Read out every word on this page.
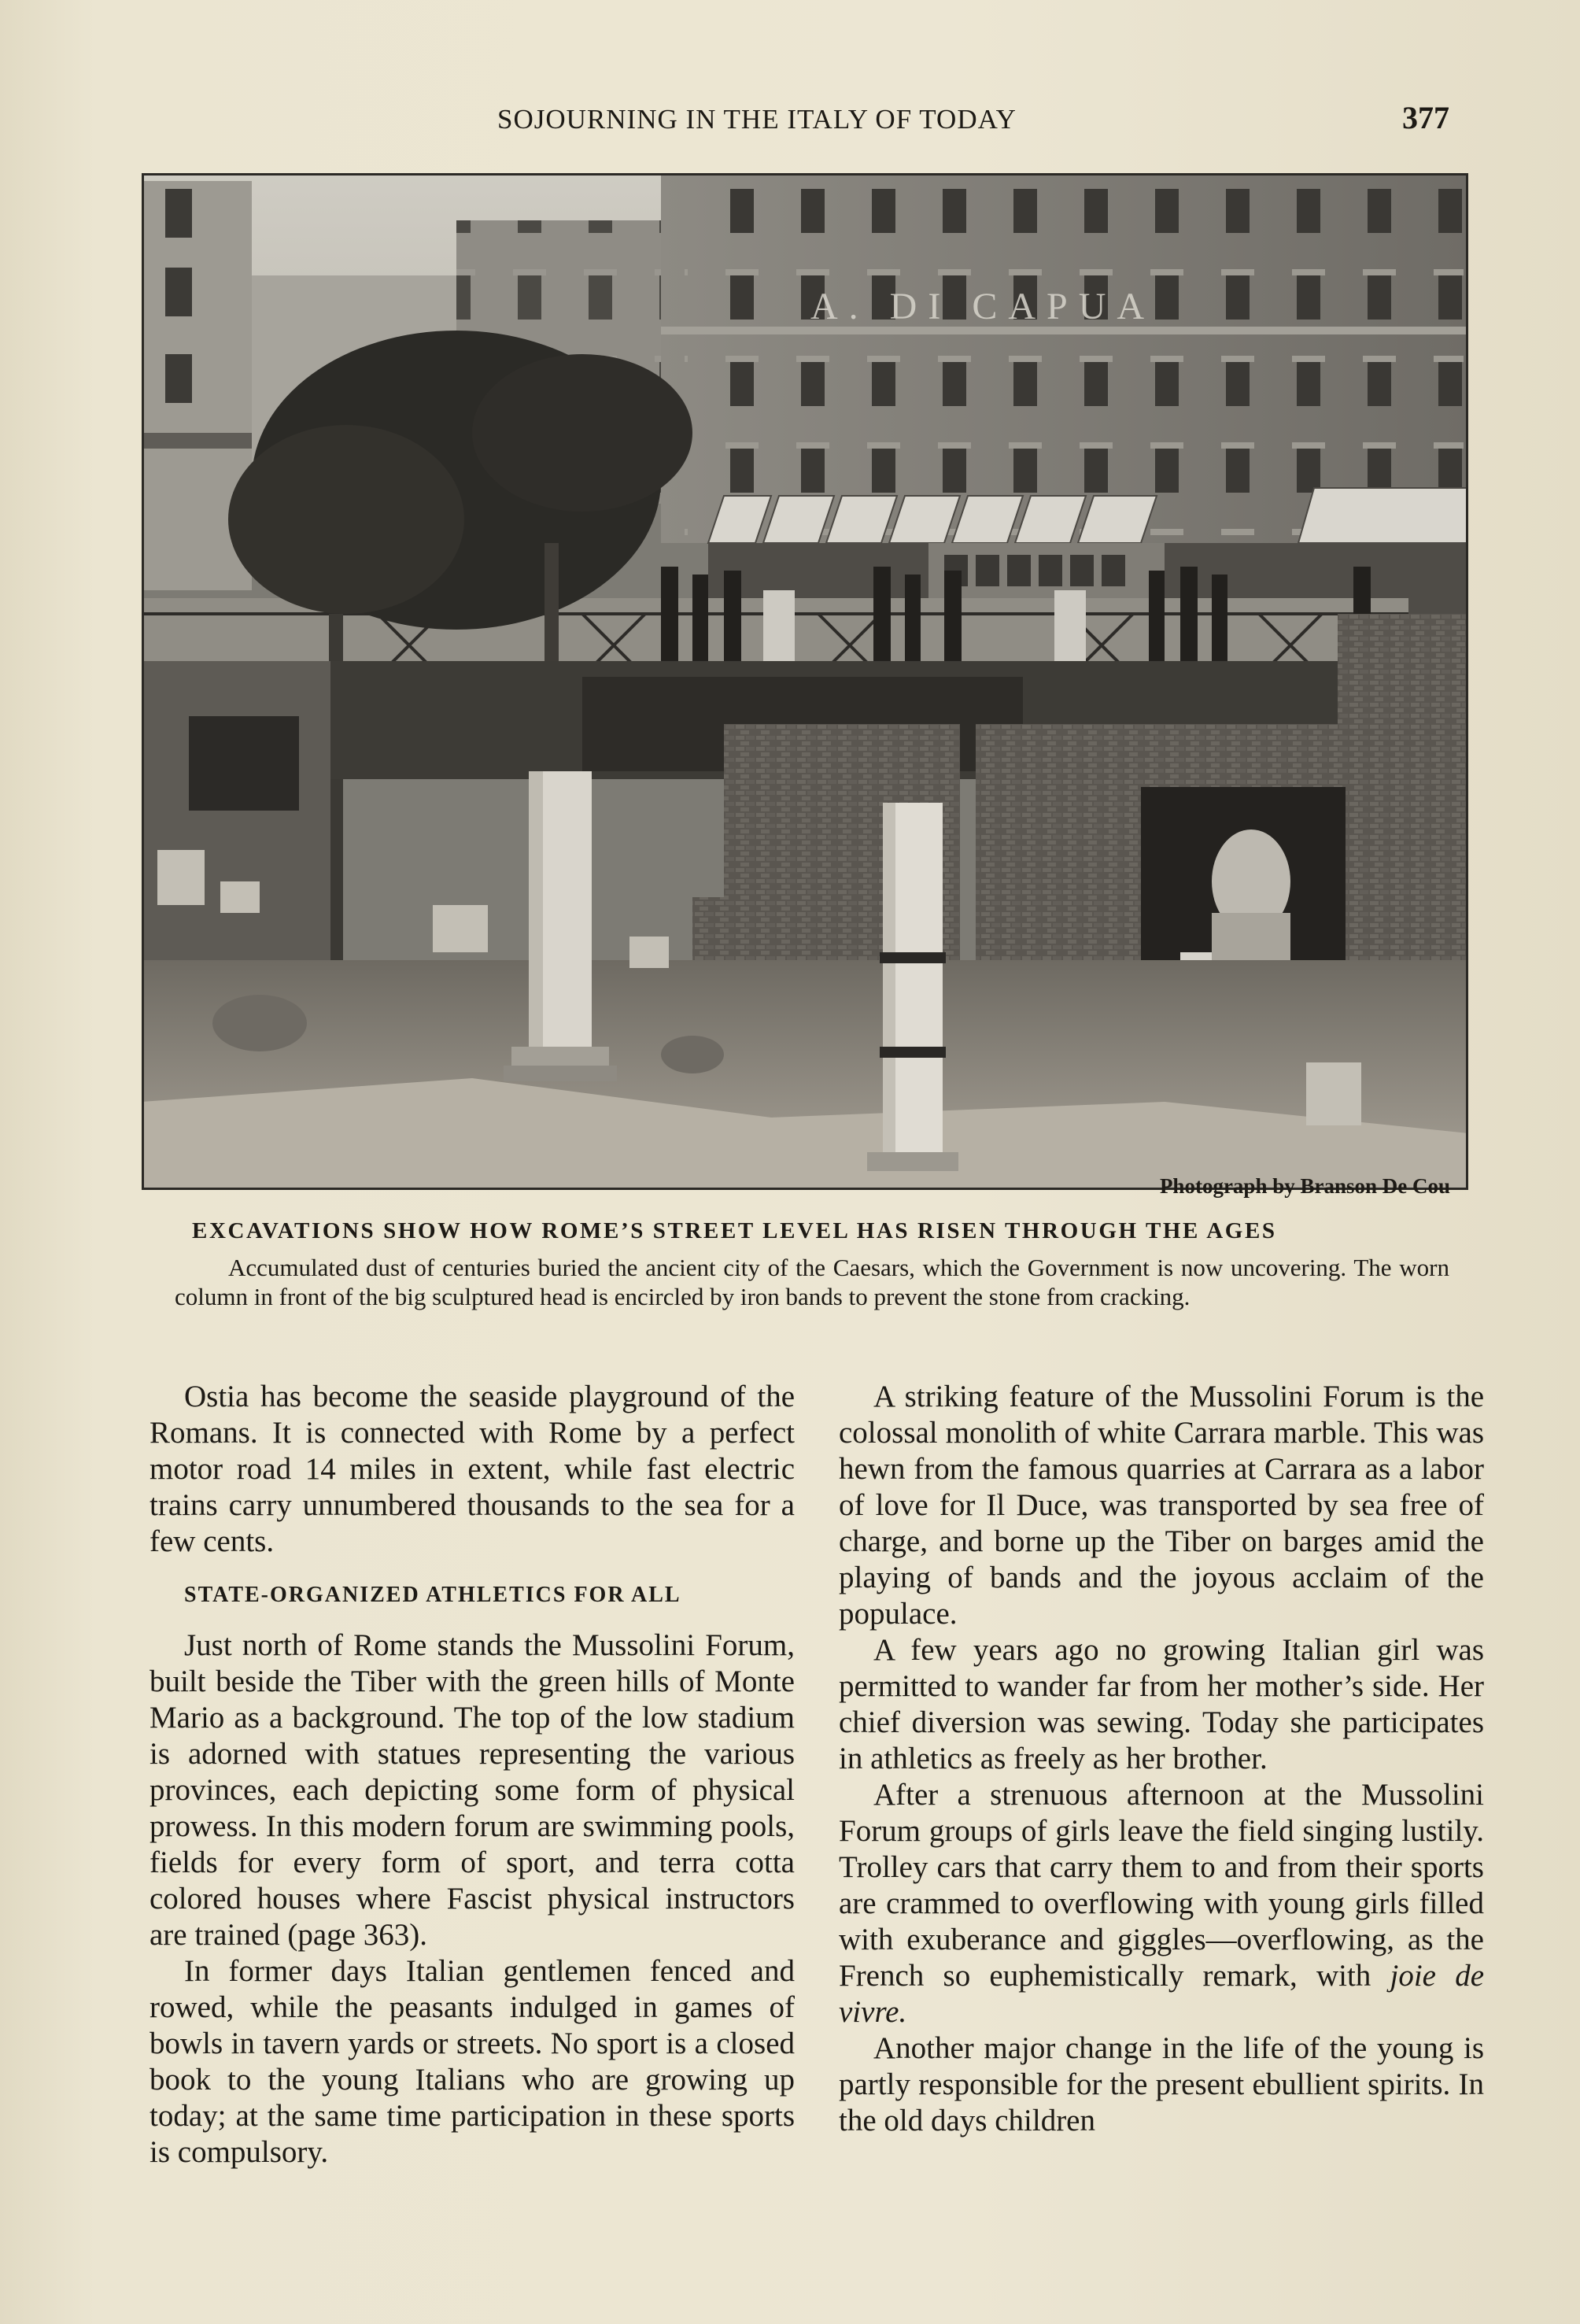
SOJOURNING IN THE ITALY OF TODAY	377
A. DI CAPUA
Photograph by Branson De Cou
EXCAVATIONS SHOW HOW ROME’S STREET LEVEL HAS RISEN THROUGH THE AGES
Accumulated dust of centuries buried the ancient city of the Caesars, which the Government is now uncovering. The worn column in front of the big sculptured head is encircled by iron bands to prevent the stone from cracking.

Ostia has become the seaside playground of the Romans. It is connected with Rome by a perfect motor road 14 miles in extent, while fast electric trains carry unnumbered thousands to the sea for a few cents.

STATE-ORGANIZED ATHLETICS FOR ALL

Just north of Rome stands the Mussolini Forum, built beside the Tiber with the green hills of Monte Mario as a background. The top of the low stadium is adorned with statues representing the various provinces, each depicting some form of physical prowess. In this modern forum are swimming pools, fields for every form of sport, and terra cotta colored houses where Fascist physical instructors are trained (page 363).

In former days Italian gentlemen fenced and rowed, while the peasants indulged in games of bowls in tavern yards or streets. No sport is a closed book to the young Italians who are growing up today; at the same time participation in these sports is compulsory.

A striking feature of the Mussolini Forum is the colossal monolith of white Carrara marble. This was hewn from the famous quarries at Carrara as a labor of love for Il Duce, was transported by sea free of charge, and borne up the Tiber on barges amid the playing of bands and the joyous acclaim of the populace.

A few years ago no growing Italian girl was permitted to wander far from her mother’s side. Her chief diversion was sewing. Today she participates in athletics as freely as her brother.

After a strenuous afternoon at the Mussolini Forum groups of girls leave the field singing lustily. Trolley cars that carry them to and from their sports are crammed to overflowing with young girls filled with exuberance and giggles—overflowing, as the French so euphemistically remark, with joie de vivre.

Another major change in the life of the young is partly responsible for the present ebullient spirits. In the old days children
